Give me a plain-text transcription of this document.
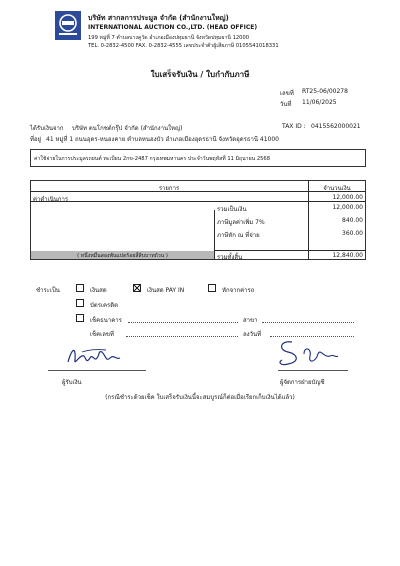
บริษัท สากลการประมูล จำกัด (สำนักงานใหญ่)
INTERNATIONAL AUCTION CO.,LTD. (HEAD OFFICE)
199 หมู่ที่ 7 ตำบลบางคูวัด อำเภอเมืองปทุมธานี จังหวัดปทุมธานี 12000
TEL. 0-2832-4500 FAX. 0-2832-4555 เลขประจำตัวผู้เสียภาษี 0105541018331
ใบเสร็จรับเงิน / ใบกำกับภาษี
เลขที่ RT25-06/00278
วันที่ 11/06/2025
ได้รับเงินจาก บริษัท ดนโกชต์กรุ๊ป จำกัด (สำนักงานใหญ่)	TAX ID : 0415562000021
ที่อยู่ 41 หมู่ที่ 1 ถนนอุดร-หนองคาย ตำบลหนองบัว อำเภอเมืองอุดรธานี จังหวัดอุดรธานี 41000
ค่าใช้จ่ายในการประมูลรถยนต์ ทะเบียน 2กข-2487 กรุงเทพมหานคร ประจำวันพฤหัสที่ 11 มิถุนายน 2568
รายการ	จำนวนเงิน
ค่าดำเนินการ	12,000.00
รวมเป็นเงิน	12,000.00
ภาษีมูลค่าเพิ่ม 7%	840.00
ภาษีหัก ณ ที่จ่าย	360.00
( หนึ่งหมื่นสองพันแปดร้อยสี่สิบบาทถ้วน )	รวมทั้งสิ้น	12,840.00
ชำระเป็น	เงินสด	เงินสด PAY IN	หักจากค่ารถ
บัตรเครดิต
เช็คธนาคาร	สาขา
เช็คเลขที่	ลงวันที่
ผู้รับเงิน	ผู้จัดการฝ่ายบัญชี
(กรณีชำระด้วยเช็ค ใบเสร็จรับเงินนี้จะสมบูรณ์ก็ต่อเมื่อเรียกเก็บเงินได้แล้ว)
